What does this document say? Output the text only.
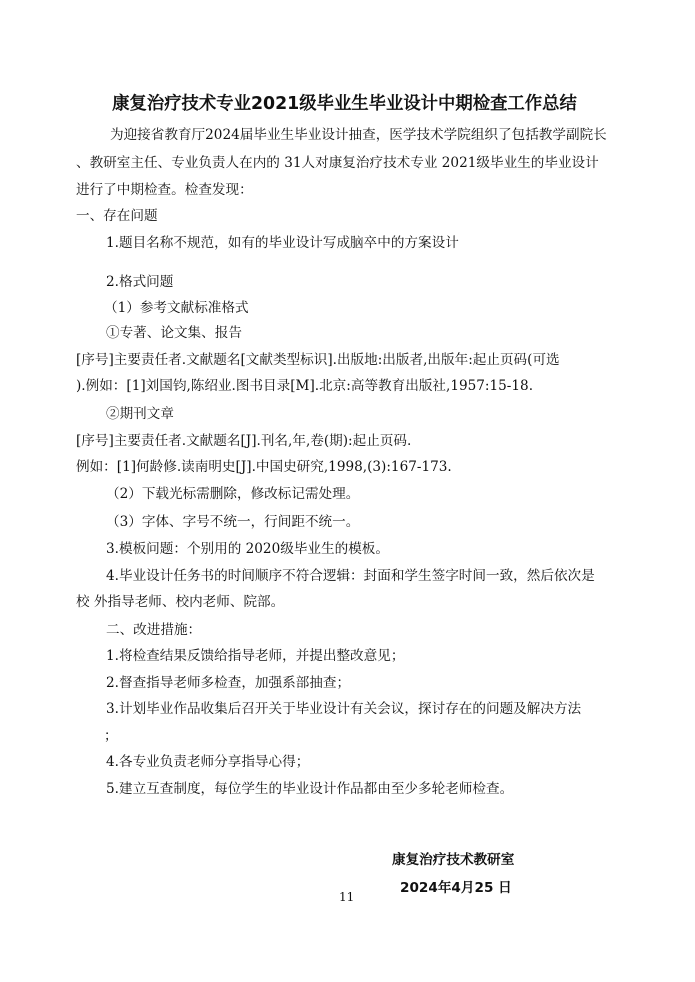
康复治疗技术专业2021级毕业生毕业设计中期检查工作总结
为迎接省教育厅2024届毕业生毕业设计抽查，医学技术学院组织了包括教学副院长
、教研室主任、专业负责人在内的 31人对康复治疗技术专业 2021级毕业生的毕业设计
进行了中期检查。检查发现：
一、存在问题
1.题目名称不规范，如有的毕业设计写成脑卒中的方案设计
2.格式问题
（1）参考文献标准格式
①专著、论文集、报告
[序号]主要责任者.文献题名[文献类型标识].出版地:出版者,出版年:起止页码(可选
).例如：[1]刘国钧,陈绍业.图书目录[M].北京:高等教育出版社,1957:15-18.
②期刊文章
[序号]主要责任者.文献题名[J].刊名,年,卷(期):起止页码.
例如：[1]何龄修.读南明史[J].中国史研究,1998,(3):167-173.
（2）下载光标需删除，修改标记需处理。
（3）字体、字号不统一，行间距不统一。
3.模板问题：个别用的 2020级毕业生的模板。
4.毕业设计任务书的时间顺序不符合逻辑：封面和学生签字时间一致，然后依次是
校 外指导老师、校内老师、院部。
二、改进措施：
1.将检查结果反馈给指导老师，并提出整改意见；
2.督查指导老师多检查，加强系部抽查；
3.计划毕业作品收集后召开关于毕业设计有关会议，探讨存在的问题及解决方法
；
4.各专业负责老师分享指导心得；
5.建立互查制度，每位学生的毕业设计作品都由至少多轮老师检查。
康复治疗技术教研室
2024年4月25 日
11
